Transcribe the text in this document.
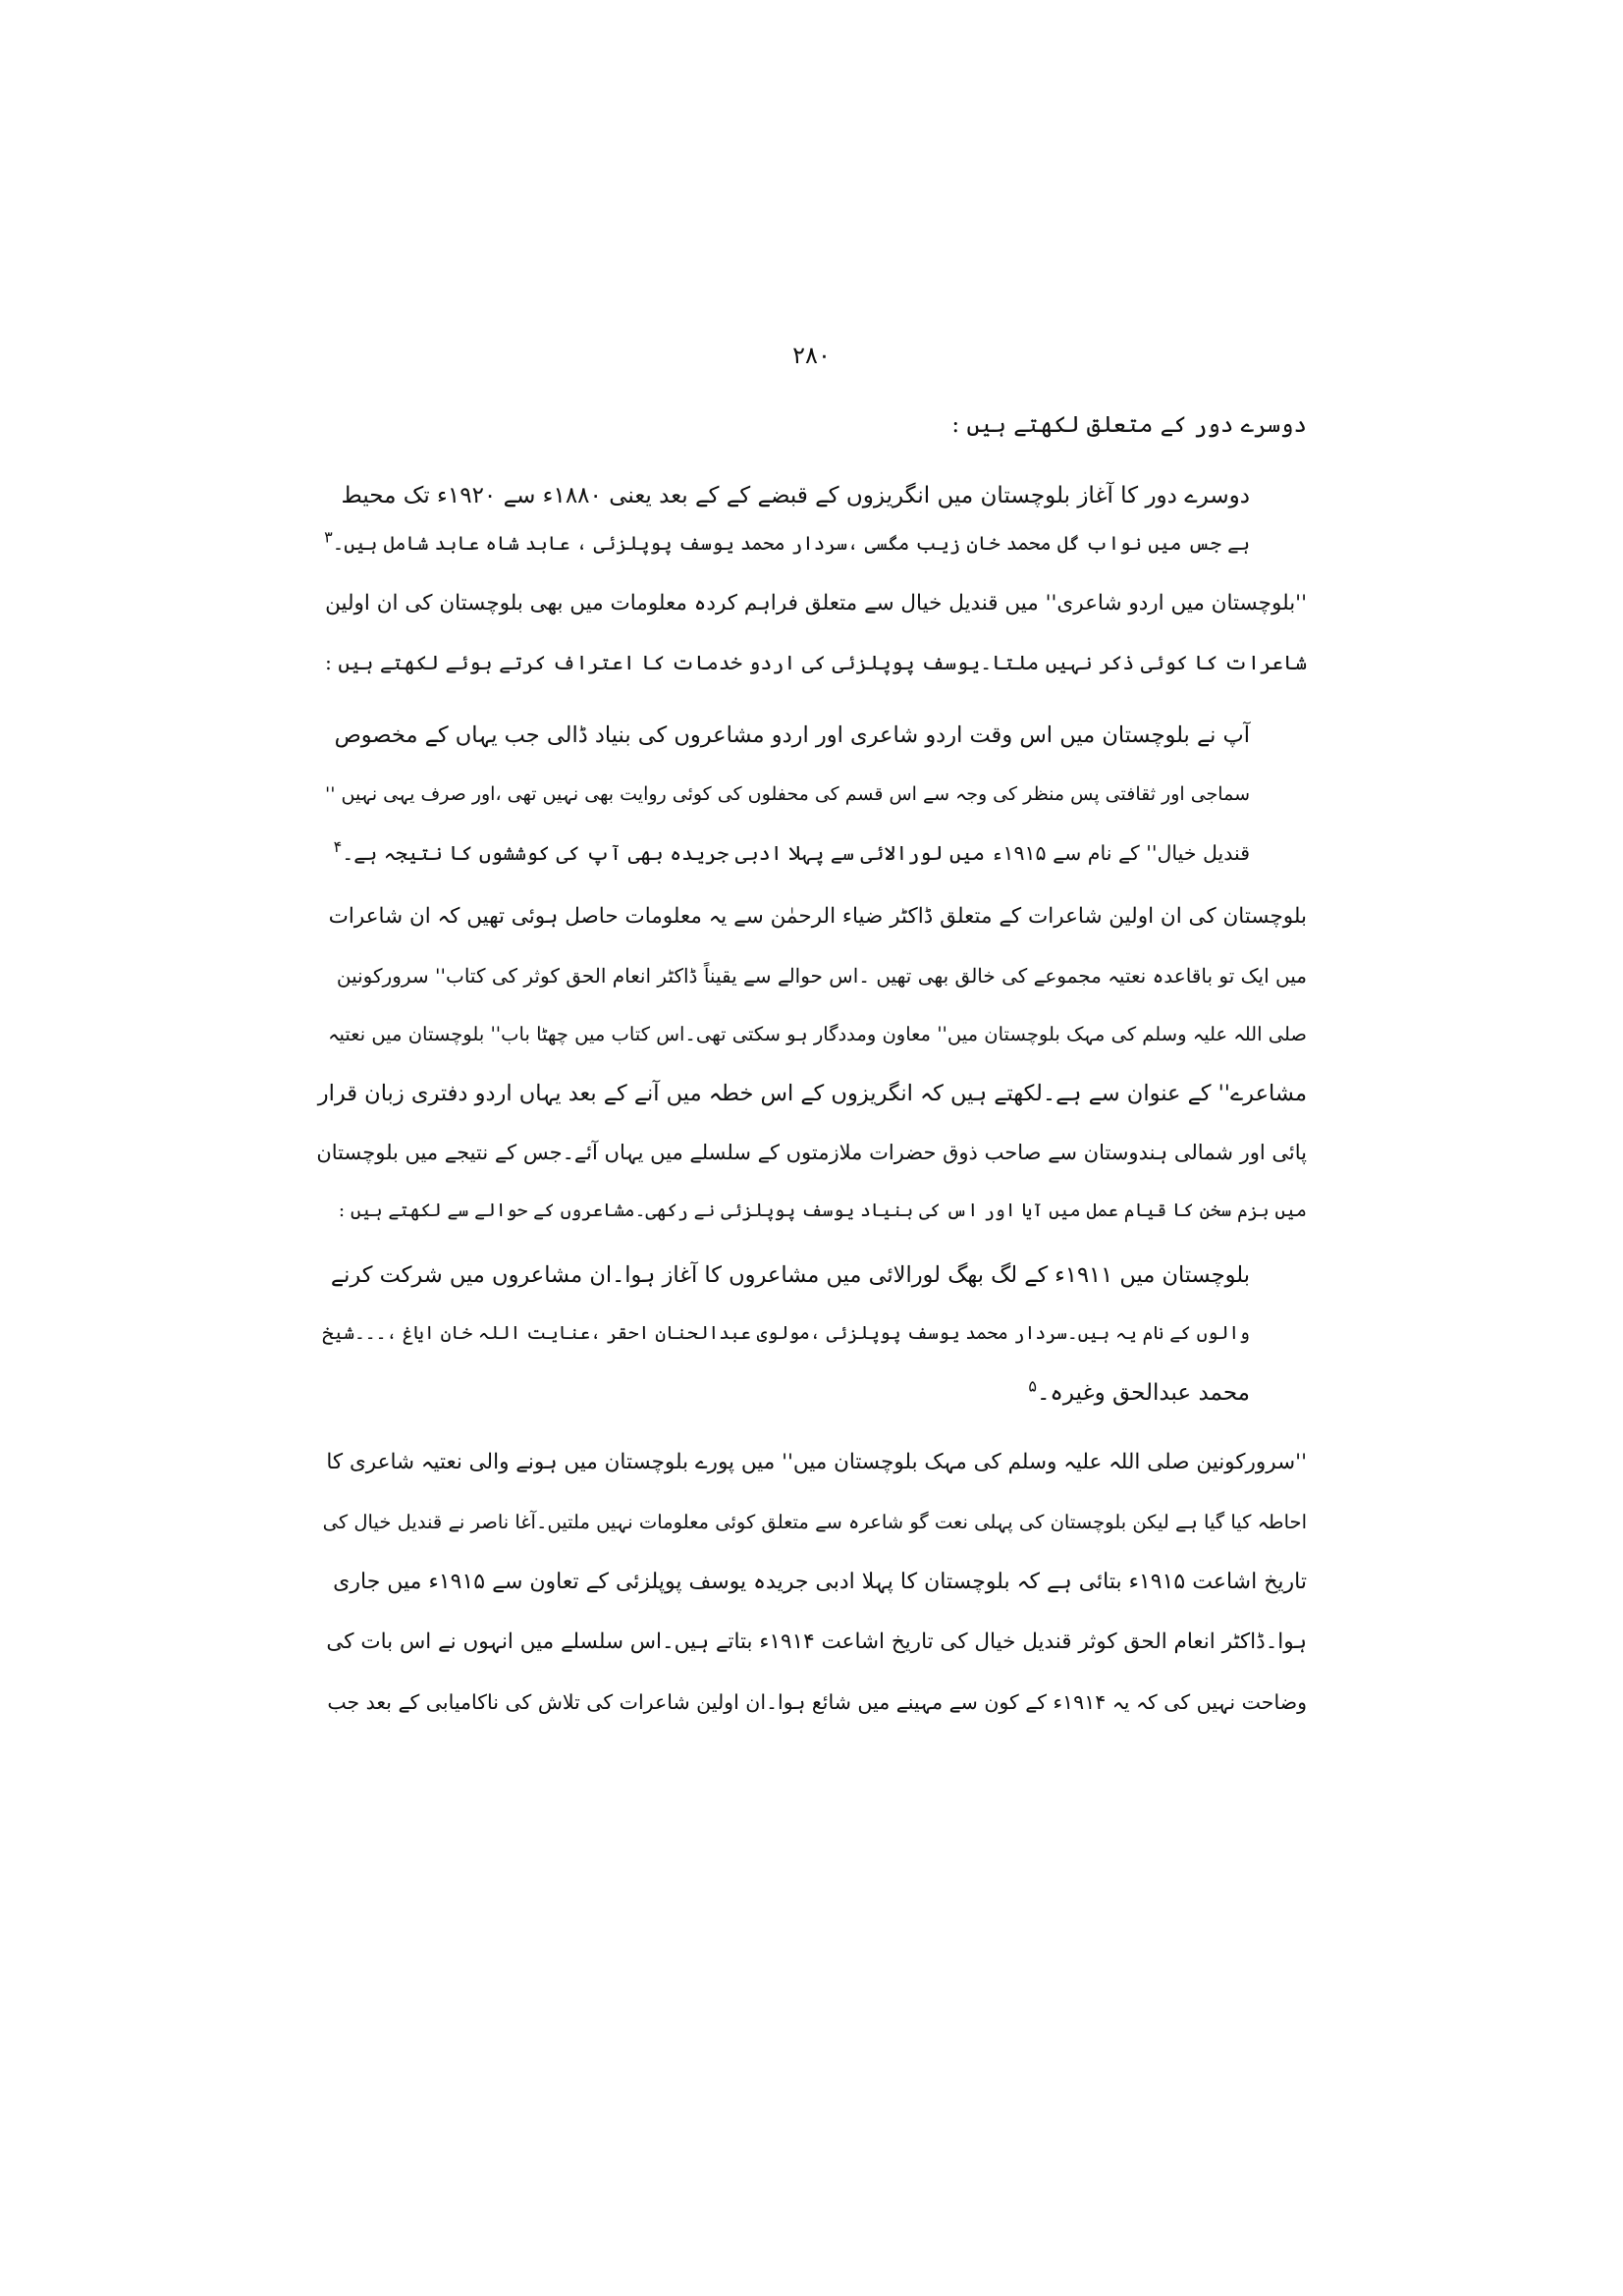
۲۸۰
دوسرے دور کے متعلق لکھتے ہیں :
دوسرے دور کا آغاز بلوچستان میں انگریزوں کے قبضے کے کے بعد یعنی ۱۸۸۰ء سے ۱۹۲۰ء تک محیط
ہے جس میں نواب گل محمد خان زیب مگسی ،سردار محمد یوسف پوپلزئی ، عابد شاہ عابد شامل ہیں۔$^۳$
''بلوچستان میں اردو شاعری'' میں قندیل خیال سے متعلق فراہم کردہ معلومات میں بھی بلوچستان کی ان اولین
شاعرات کا کوئی ذکر نہیں ملتا۔یوسف پوپلزئی کی اردو خدمات کا اعتراف کرتے ہوئے لکھتے ہیں :
آپ نے بلوچستان میں اس وقت اردو شاعری اور اردو مشاعروں کی بنیاد ڈالی جب یہاں کے مخصوص
سماجی اور ثقافتی پس منظر کی وجہ سے اس قسم کی محفلوں کی کوئی روایت بھی نہیں تھی ،اور صرف یہی نہیں ''
قندیل خیال'' کے نام سے ۱۹۱۵ء میں لورالائی سے پہلا ادبی جریدہ بھی آپ کی کوششوں کا نتیجہ ہے۔$^۴$
بلوچستان کی ان اولین شاعرات کے متعلق ڈاکٹر ضیاء الرحمٰن سے یہ معلومات حاصل ہوئی تھیں کہ ان شاعرات
میں ایک تو باقاعدہ نعتیہ مجموعے کی خالق بھی تھیں ۔اس حوالے سے یقیناً ڈاکٹر انعام الحق کوثر کی کتاب'' سرورکونین
صلی اللہ علیہ وسلم کی مہک بلوچستان میں'' معاون ومددگار ہو سکتی تھی۔اس کتاب میں چھٹا باب'' بلوچستان میں نعتیہ
مشاعرے'' کے عنوان سے ہے۔لکھتے ہیں کہ انگریزوں کے اس خطہ میں آنے کے بعد یہاں اردو دفتری زبان قرار
پائی اور شمالی ہندوستان سے صاحب ذوق حضرات ملازمتوں کے سلسلے میں یہاں آئے۔جس کے نتیجے میں بلوچستان
میں بزم سخن کا قیام عمل میں آیا اور اس کی بنیاد یوسف پوپلزئی نے رکھی۔مشاعروں کے حوالے سے لکھتے ہیں :
بلوچستان میں ۱۹۱۱ء کے لگ بھگ لورالائی میں مشاعروں کا آغاز ہوا۔ان مشاعروں میں شرکت کرنے
والوں کے نام یہ ہیں۔سردار محمد یوسف پوپلزئی ،مولوی عبدالحنان احقر ،عنایت اللہ خان ایاغ ،۔۔۔شیخ
محمد عبدالحق وغیرہ۔$^۵$
''سرورکونین صلی اللہ علیہ وسلم کی مہک بلوچستان میں'' میں پورے بلوچستان میں ہونے والی نعتیہ شاعری کا
احاطہ کیا گیا ہے لیکن بلوچستان کی پہلی نعت گو شاعرہ سے متعلق کوئی معلومات نہیں ملتیں۔آغا ناصر نے قندیل خیال کی
تاریخ اشاعت ۱۹۱۵ء بتائی ہے کہ بلوچستان کا پہلا ادبی جریدہ یوسف پوپلزئی کے تعاون سے ۱۹۱۵ء میں جاری
ہوا۔ڈاکٹر انعام الحق کوثر قندیل خیال کی تاریخ اشاعت ۱۹۱۴ء بتاتے ہیں۔اس سلسلے میں انہوں نے اس بات کی
وضاحت نہیں کی کہ یہ ۱۹۱۴ء کے کون سے مہینے میں شائع ہوا۔ان اولین شاعرات کی تلاش کی ناکامیابی کے بعد جب
